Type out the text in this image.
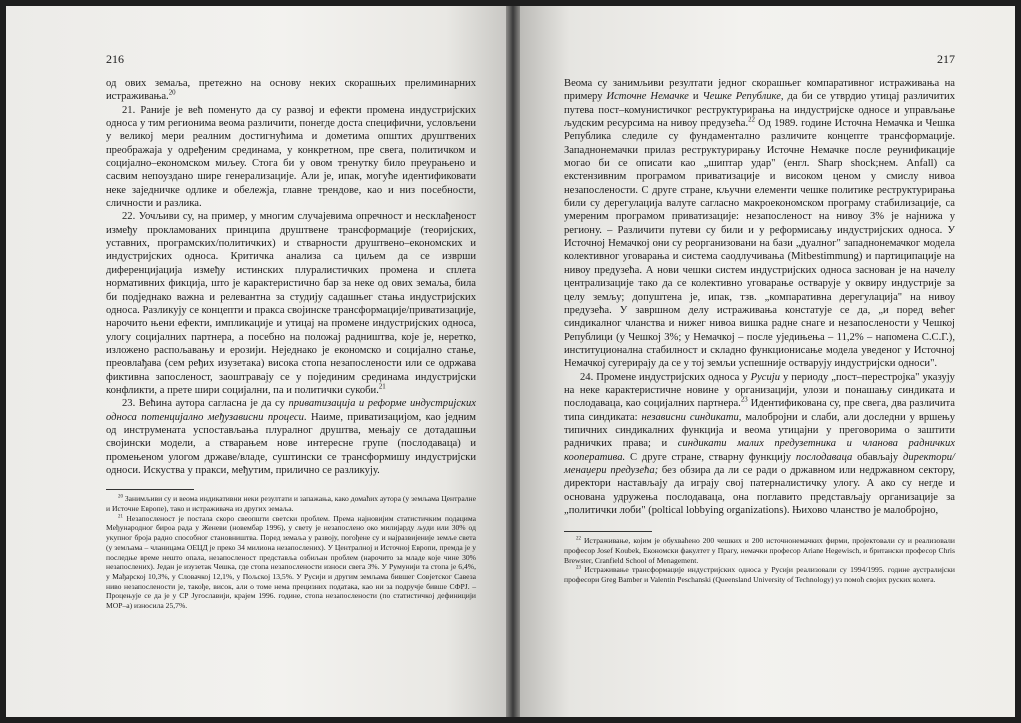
216

од ових земаља, претежно на основу неких скорашњих прелиминарних истраживања.$^{20}$

21. Раније је већ поменуто да су развој и ефекти промена индустријских односа у тим регионима веома различити, понегде доста специфични, условљени у великој мери реалним достигнућима и дометима општих друштвених преображаја у одређеним срединама, у конкретном, пре свега, политичком и социјално–економском миљеу. Стога би у овом тренутку било преурањено и сасвим непоуздано шире генерализације. Али је, ипак, могуће идентификовати неке заједничке одлике и обележја, главне трендове, као и низ посебности, сличности и разлика.

22. Уочљиви су, на пример, у многим случајевима опречност и несклађеност између прокламованих принципа друштвене трансформације (теоријских, уставних, програмских/политичких) и стварности друштвено–економских и индустријских односа. Критичка анализа са циљем да се изврши диференцијација између истинских плуралистичких промена и сплета нормативних фикција, што је карактеристично бар за неке од ових земаља, била би подједнако важна и релевантна за студију садашњег стања индустријских односа. Разликују се концепти и пракса својинске трансформације/приватизације, нарочито њени ефекти, импликације и утицај на промене индустријских односа, улогу социјалних партнера, а посебно на положај радништва, које је, неретко, изложено распољавању и ерозији. Неједнако је економско и социјално стање, преовлађава (сем ређих изузетака) висока стопа незапослености или се одржава фиктивна запосленост, заоштравају се у појединим срединама индустријски конфликти, а прете шири социјални, па и политички сукоби.$^{21}$

23. Већина аутора сагласна је да су приватизација и реформе индустријских односа потенцијално међузависни процеси. Наиме, приватизацијом, као једним од инструмената успостављања плуралног друштва, мењају се дотадашњи својински модели, а стварањем нове интересне групе (послодаваца) и промењеном улогом државе/владе, суштински се трансформишу индустријски односи. Искуства у пракси, међутим, прилично се разликују.

$^{20}$ Занимљиви су и веома индикативни неки резултати и запажања, како домаћих аутора (у земљама Централне и Источне Европе), тако и истраживача из других земаља.

$^{21}$ Незапосленост је постала скоро свеопшти светски проблем. Према најновијим статистичким подацима Међународног бироа рада у Женеви (новембар 1996), у свету је незапослено око милијарду људи или 30% од укупног броја радно способног становништва. Поред земаља у развоју, погођене су и најразвијеније земље света (у земљама – чланицама ОЕЦД је преко 34 милиона незапослених). У Централној и Источној Европи, премда је у последње време нешто опала, незапосленост представља озбиљан проблем (нарочито за младе које чине 30% незапослених). Један је изузетак Чешка, где стопа незапослености износи свега 3%. У Румунији та стопа је 6,4%, у Мађарској 10,3%, у Словачкој 12,1%, у Пољској 13,5%. У Русији и другим земљама бившег Совјетског Савеза ниво незапослености је, такође, висок, али о томе нема прецизних података, као ни за подручје бивше СФРЈ. – Процењује се да је у СР Југославији, крајем 1996. године, стопа незапослености (по статистичкој дефиницији МОР–а) износила 25,7%.

217

Веома су занимљиви резултати једног скорашњег компаративног истраживања на примеру Источне Немачке и Чешке Републике, да би се утврдио утицај различитих путева пост–комунистичког реструктурирања на индустријске односе и управљање људским ресурсима на нивоу предузећа.$^{22}$ Од 1989. године Источна Немачка и Чешка Република следиле су фундаментално различите концепте трансформације. Западнонемачки прилаз реструктурирању Источне Немачке после реунификације могао би се описати као „шиптар удар" (енгл. Sharp shock;нем. Anfall) са екстензивним програмом приватизације и високом ценом у смислу нивоа незапослености. С друге стране, кључни елементи чешке политике реструктурирања били су дерегулација валуте сагласно макроекономском програму стабилизације, са умереним програмом приватизације: незапосленост на нивоу 3% је најнижа у региону. – Различити путеви су били и у реформисању индустријских односа. У Источној Немачкој они су реорганизовани на бази „дуалног" западнонемачког модела колективног уговарања и система саодлучивања (Mitbestimmung) и партиципације на нивоу предузећа. А нови чешки систем индустријских односа заснован је на начелу централизације тако да се колективно уговарање остварује у оквиру индустрије за целу земљу; допуштена је, ипак, тзв. „компаративна дерегулација" на нивоу предузећа. У завршном делу истраживања констатује се да, „и поред већег синдикалног чланства и нижег нивоа вишка радне снаге и незапослености у Чешкој Републици (у Чешкој 3%; у Немачкој – после уједињења – 11,2% – напомена С.С.Г.), институционална стабилност и складно функционисање модела уведеног у Источној Немачкој сугерирају да се у тој земљи успешније остварују индустријски односи".

24. Промене индустријских односа у Русији у периоду „пост–перестројка" указују на неке карактеристичне новине у организацији, улози и понашању синдиката и послодаваца, као социјалних партнера.$^{23}$ Идентификована су, пре свега, два различита типа синдиката: независни синдикати, малобројни и слаби, али доследни у вршењу типичних синдикалних функција и веома утицајни у преговорима о заштити радничких права; и синдикати малих предузетника и чланова радничких кооператива. С друге стране, стварну функцију послодаваца обављају директори/менаџери предузећа; без обзира да ли се ради о државном или недржавном сектору, директори настављају да играју свој патерналистичку улогу. А ако су негде и основана удружења послодаваца, она поглавито представљају организације за „политички лоби" (poltical lobbying organizations). Њихово чланство је малобројно,

$^{22}$ Истраживање, којим је обухваћено 200 чешких и 200 источнонемачких фирми, пројектовали су и реализовали професор Josef Koubek, Економски факултет у Прагу, немачки професор Ariane Hegewisch, и британски професор Chris Brewster, Cranfield School of Menagement.

$^{23}$ Истраживање трансформације индустријских односа у Русији реализовали су 1994/1995. године аустралијски професори Greg Bamber и Valentin Peschanski (Queensland University of Technology) уз помоћ својих руских колега.
